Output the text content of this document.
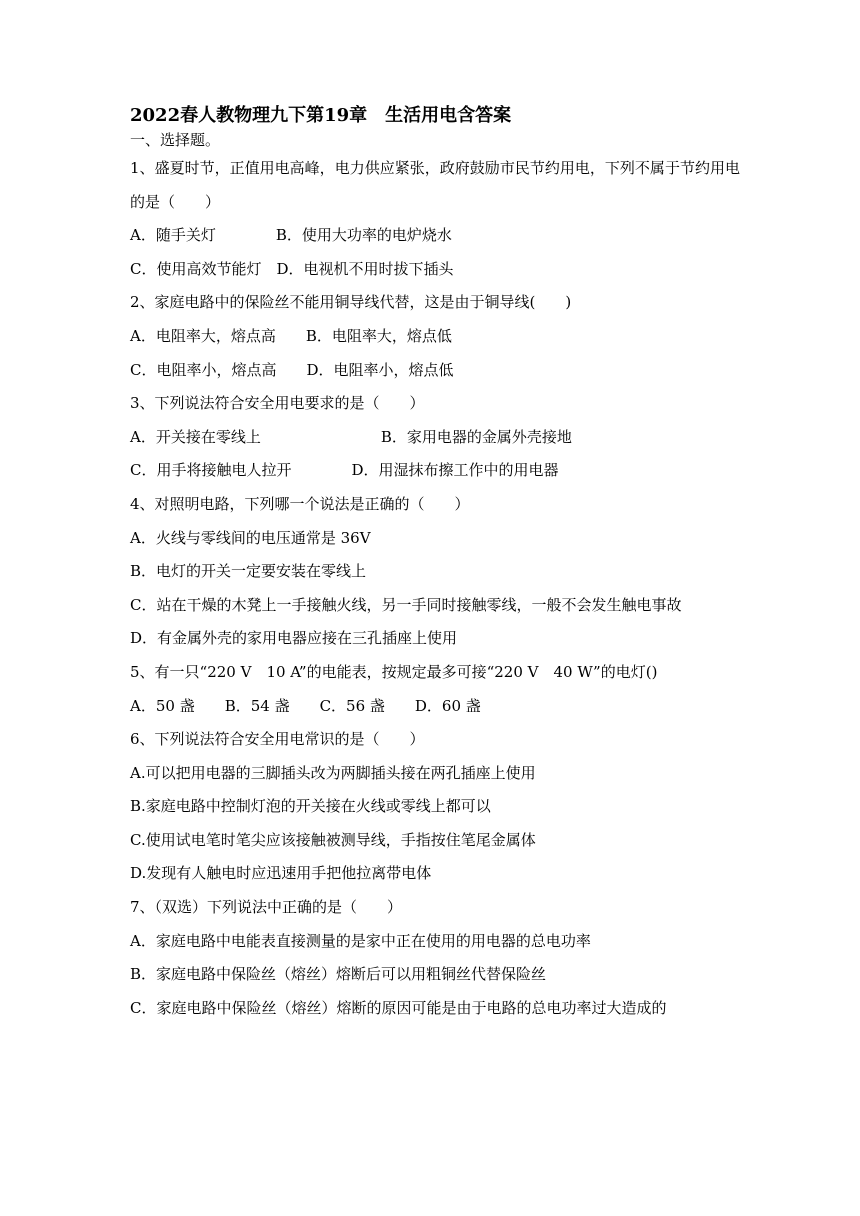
2022春人教物理九下第19章　生活用电含答案
一、选择题。
1、盛夏时节，正值用电高峰，电力供应紧张，政府鼓励市民节约用电，下列不属于节约用电的是（　　）
A．随手关灯　　　　B．使用大功率的电炉烧水
C．使用高效节能灯　D．电视机不用时拔下插头
2、家庭电路中的保险丝不能用铜导线代替，这是由于铜导线(　　)
A．电阻率大，熔点高　　B．电阻率大，熔点低
C．电阻率小，熔点高　　D．电阻率小，熔点低
3、下列说法符合安全用电要求的是（　　）
A．开关接在零线上　　　　　　　　B．家用电器的金属外壳接地
C．用手将接触电人拉开　　　　D．用湿抹布擦工作中的用电器
4、对照明电路，下列哪一个说法是正确的（　　）
A．火线与零线间的电压通常是 36V
B．电灯的开关一定要安装在零线上
C．站在干燥的木凳上一手接触火线，另一手同时接触零线，一般不会发生触电事故
D．有金属外壳的家用电器应接在三孔插座上使用
5、有一只“220 V　10 A”的电能表，按规定最多可接“220 V　40 W”的电灯()
A．50 盏　　B．54 盏　　C．56 盏　　D．60 盏
6、下列说法符合安全用电常识的是（　　）
A.可以把用电器的三脚插头改为两脚插头接在两孔插座上使用
B.家庭电路中控制灯泡的开关接在火线或零线上都可以
C.使用试电笔时笔尖应该接触被测导线，手指按住笔尾金属体
D.发现有人触电时应迅速用手把他拉离带电体
7、（双选）下列说法中正确的是（　　）
A．家庭电路中电能表直接测量的是家中正在使用的用电器的总电功率
B．家庭电路中保险丝（熔丝）熔断后可以用粗铜丝代替保险丝
C．家庭电路中保险丝（熔丝）熔断的原因可能是由于电路的总电功率过大造成的
